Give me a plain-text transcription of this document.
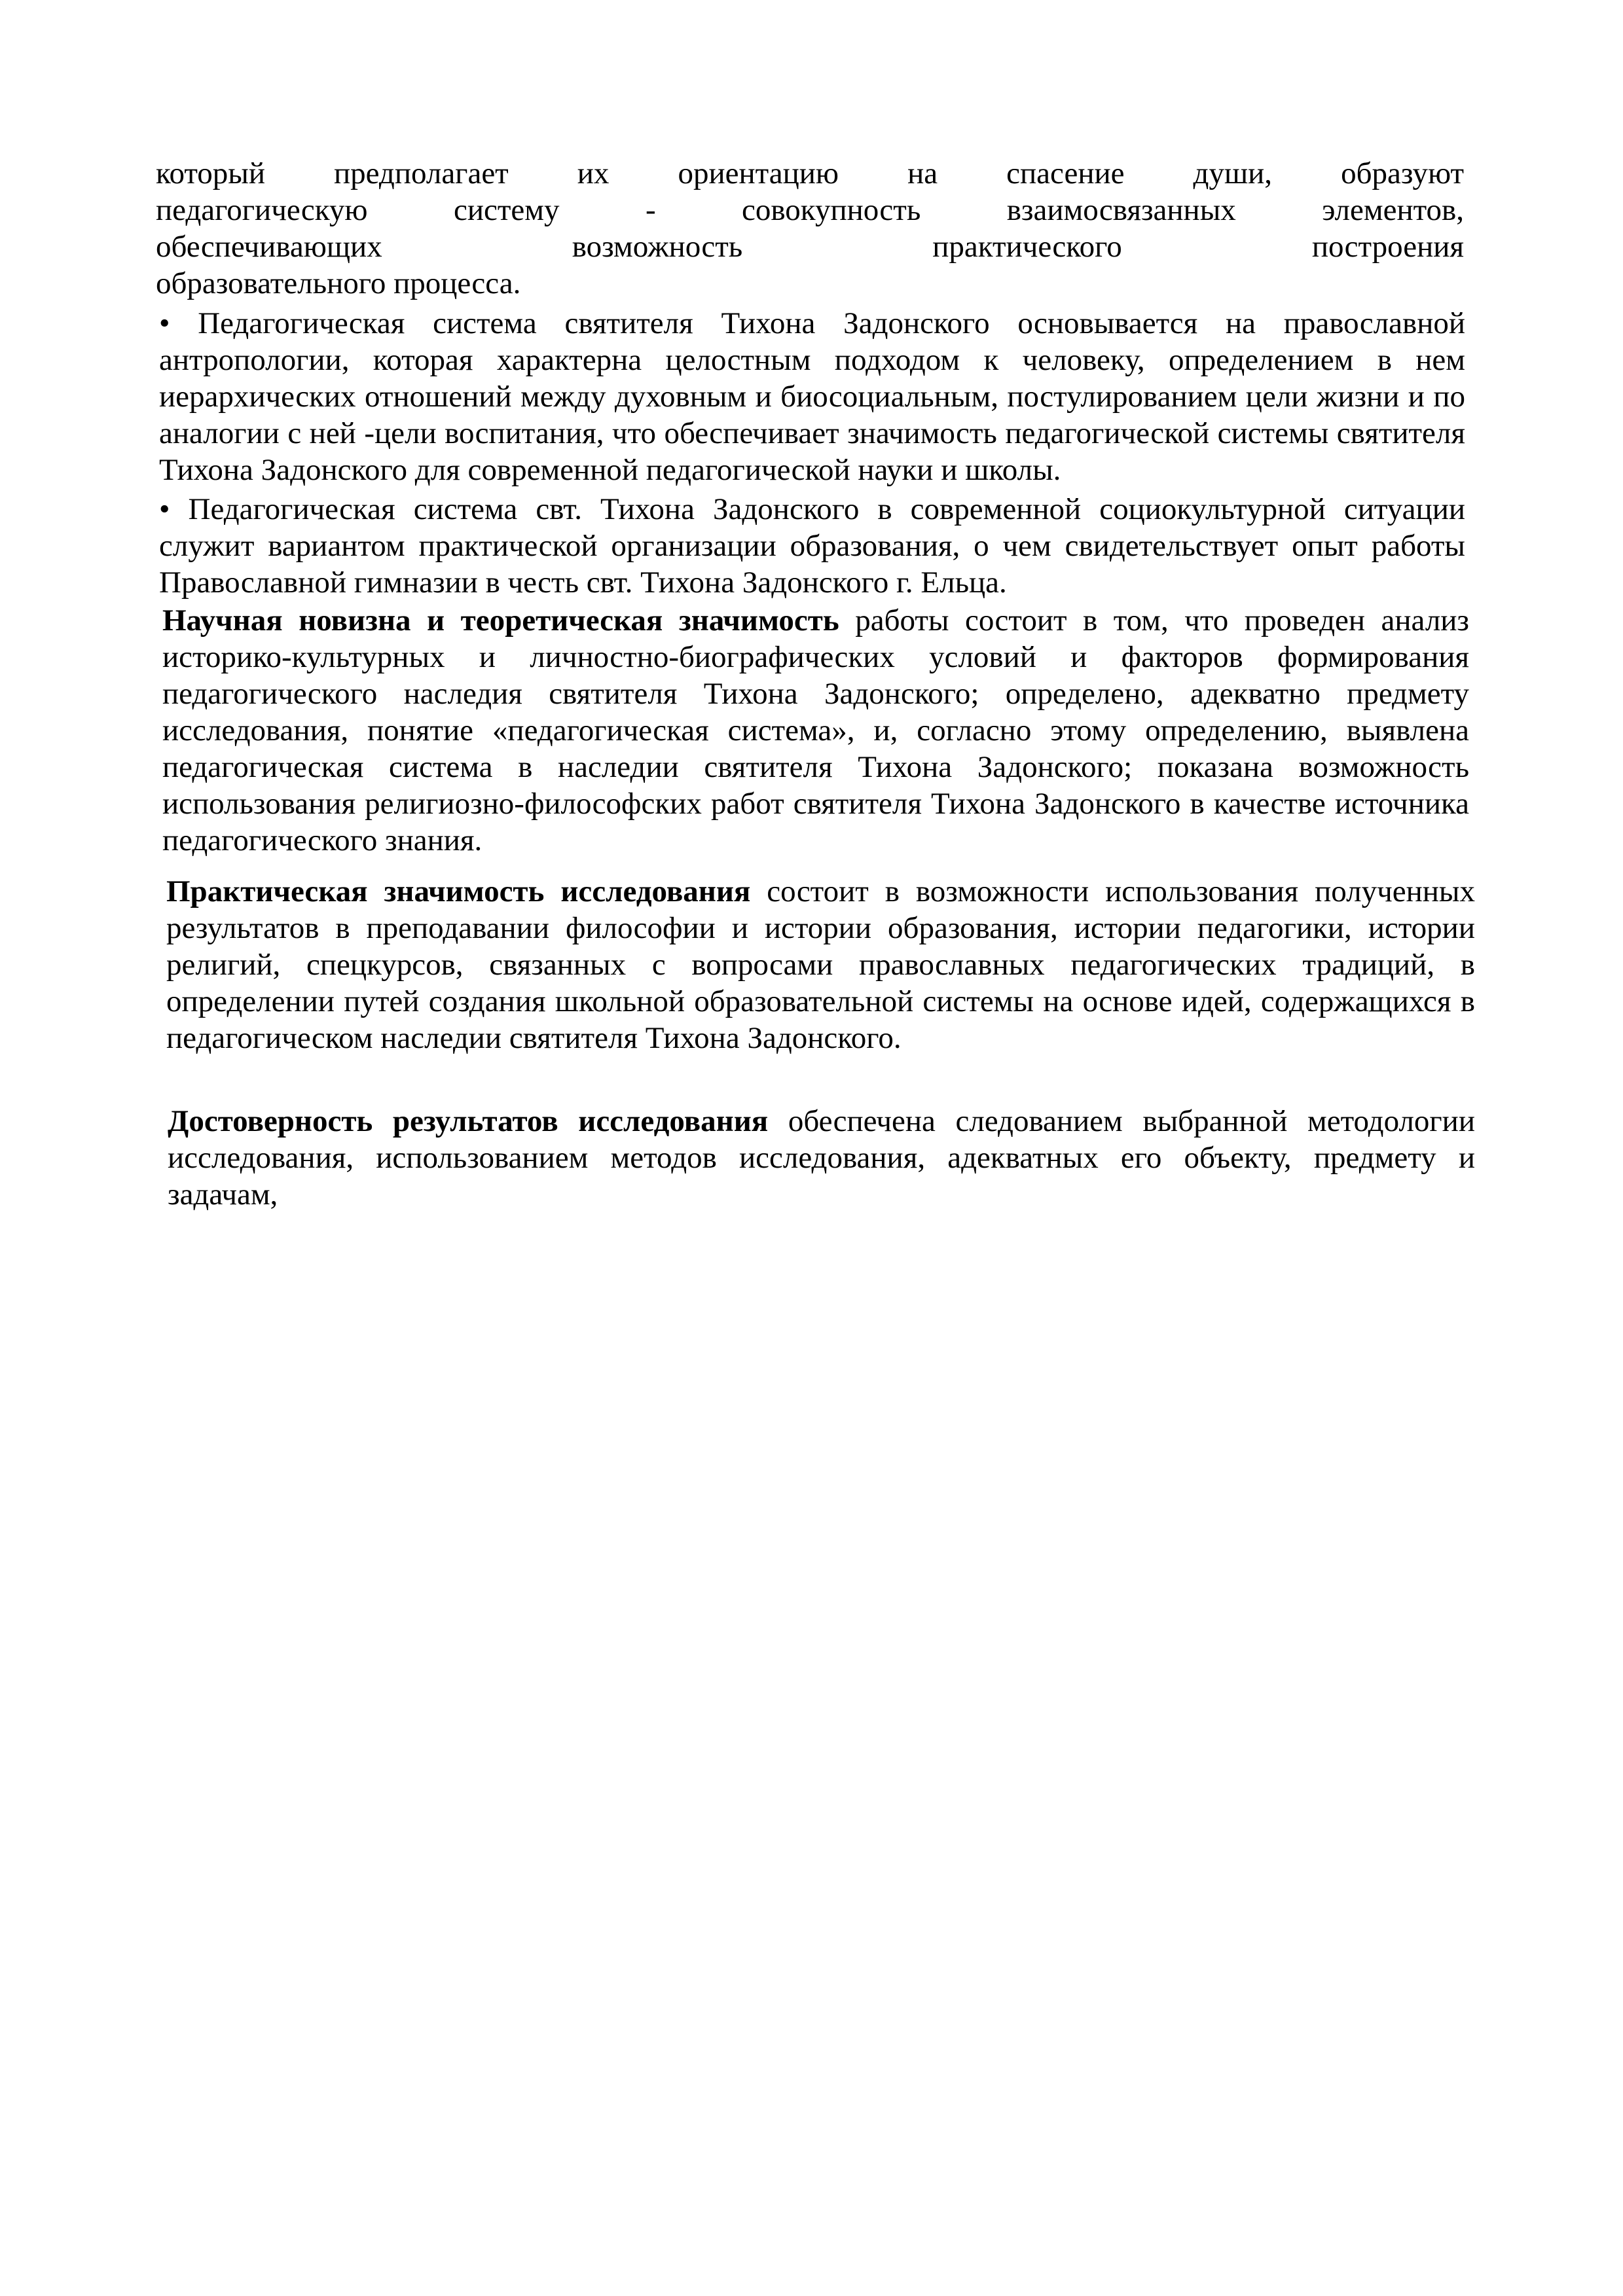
который предполагает их ориентацию на спасение души, образуют
педагогическую систему - совокупность взаимосвязанных элементов,
обеспечивающих возможность практического построения
образовательного процесса.

• Педагогическая система святителя Тихона Задонского основывается на православной антропологии, которая характерна целостным подходом к человеку, определением в нем иерархических отношений между духовным и биосоциальным, постулированием цели жизни и по аналогии с ней -цели воспитания, что обеспечивает значимость педагогической системы святителя Тихона Задонского для современной педагогической науки и школы.

• Педагогическая система свт. Тихона Задонского в современной социокультурной ситуации служит вариантом практической организации образования, о чем свидетельствует опыт работы Православной гимназии в честь свт. Тихона Задонского г. Ельца.

Научная новизна и теоретическая значимость работы состоит в том, что проведен анализ историко-культурных и личностно-биографических условий и факторов формирования педагогического наследия святителя Тихона Задонского; определено, адекватно предмету исследования, понятие «педагогическая система», и, согласно этому определению, выявлена педагогическая система в наследии святителя Тихона Задонского; показана возможность использования религиозно-философских работ святителя Тихона Задонского в качестве источника педагогического знания.

Практическая значимость исследования состоит в возможности использования полученных результатов в преподавании философии и истории образования, истории педагогики, истории религий, спецкурсов, связанных с вопросами православных педагогических традиций, в определении путей создания школьной образовательной системы на основе идей, содержащихся в педагогическом наследии святителя Тихона Задонского.

Достоверность результатов исследования обеспечена следованием выбранной методологии исследования, использованием методов исследования, адекватных его объекту, предмету и задачам,
